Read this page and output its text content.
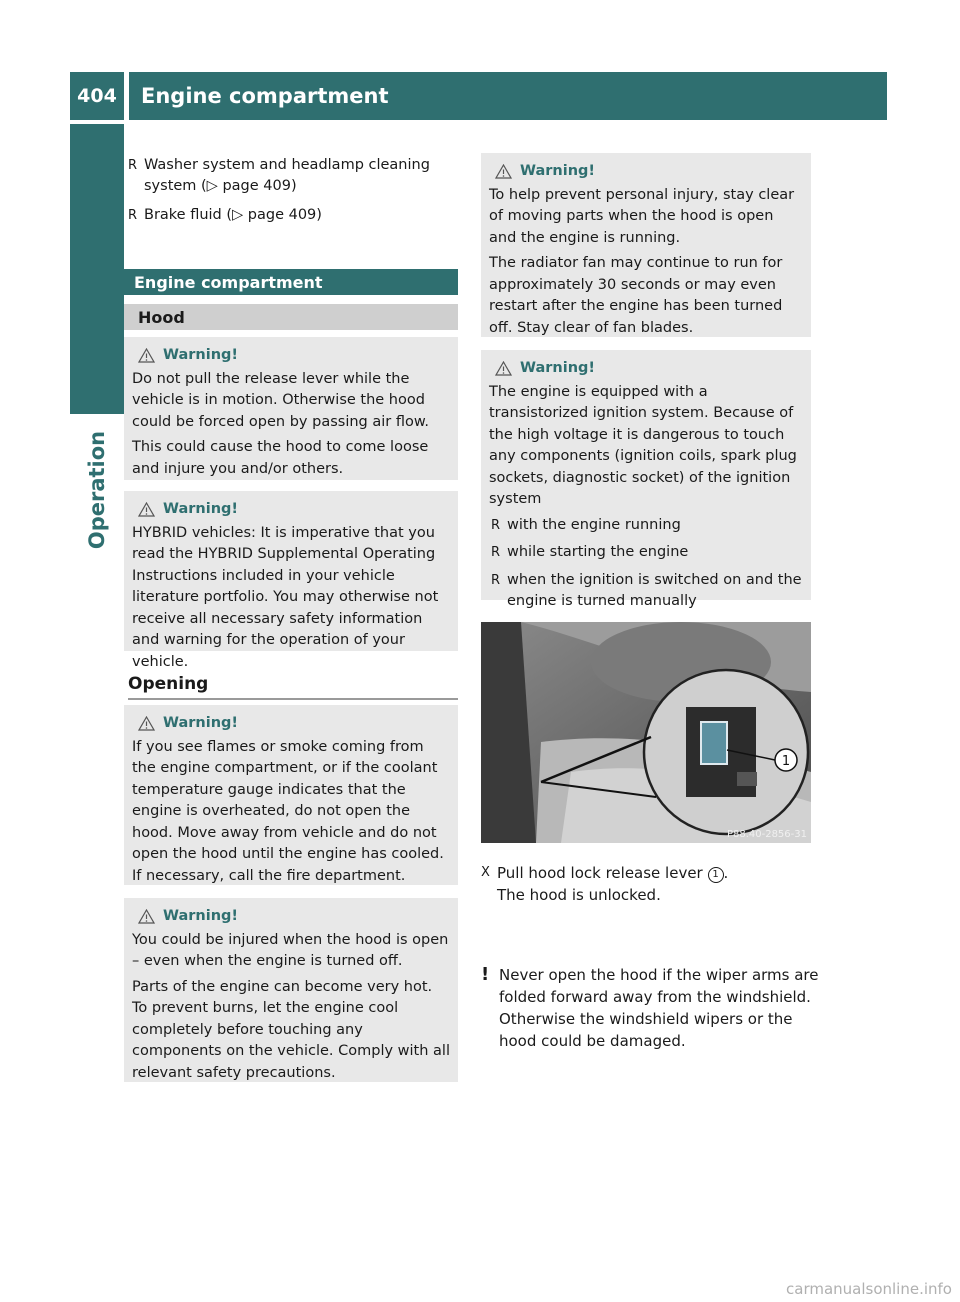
404	Engine compartment
Operation
R Washer system and headlamp cleaning system (▷ page 409)
R Brake fluid (▷ page 409)
Engine compartment
Hood
Warning!

Do not pull the release lever while the vehicle is in motion. Otherwise the hood could be forced open by passing air flow.

This could cause the hood to come loose and injure you and/or others.

Warning!

HYBRID vehicles: It is imperative that you read the HYBRID Supplemental Operating Instructions included in your vehicle literature portfolio. You may otherwise not receive all necessary safety information and warning for the operation of your vehicle.

Opening
Warning!

If you see flames or smoke coming from the engine compartment, or if the coolant temperature gauge indicates that the engine is overheated, do not open the hood. Move away from vehicle and do not open the hood until the engine has cooled. If necessary, call the fire department.

Warning!

You could be injured when the hood is open – even when the engine is turned off.

Parts of the engine can become very hot. To prevent burns, let the engine cool completely before touching any components on the vehicle. Comply with all relevant safety precautions.

Warning!

To help prevent personal injury, stay clear of moving parts when the hood is open and the engine is running.

The radiator fan may continue to run for approximately 30 seconds or may even restart after the engine has been turned off. Stay clear of fan blades.

Warning!

The engine is equipped with a transistorized ignition system. Because of the high voltage it is dangerous to touch any components (ignition coils, spark plug sockets, diagnostic socket) of the ignition system

R with the engine running
R while starting the engine
R when the ignition is switched on and the engine is turned manually
1
P88.40-2856-31
X Pull hood lock release lever 1 .
The hood is unlocked.
! Never open the hood if the wiper arms are folded forward away from the windshield. Otherwise the windshield wipers or the hood could be damaged.
carmanualsonline.info
